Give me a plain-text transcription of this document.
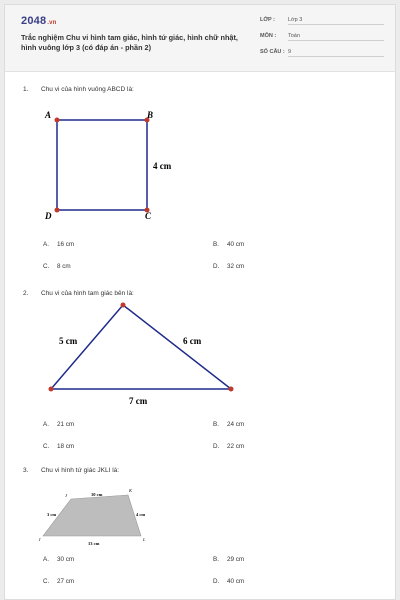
2048.vn
Trắc nghiệm Chu vi hình tam giác, hình tứ giác, hình chữ nhật, hình vuông lớp 3 (có đáp án - phần 2)
LỚP : Lớp 3
MÔN : Toán
SỐ CÂU : 9
1. Chu vi của hình vuông ABCD là:
A	B
C
D
4 cm
A. 16 cm	B. 40 cm
C. 8 cm	D. 32 cm
2. Chu vi của hình tam giác bên là:
5 cm	6 cm
7 cm
A. 21 cm	B. 24 cm
C. 18 cm	D. 22 cm
3. Chu vi hình tứ giác JKLI là:
J
K
L
I
10 cm
3 cm	4 cm
13 cm
A. 30 cm	B. 29 cm
C. 27 cm	D. 40 cm
